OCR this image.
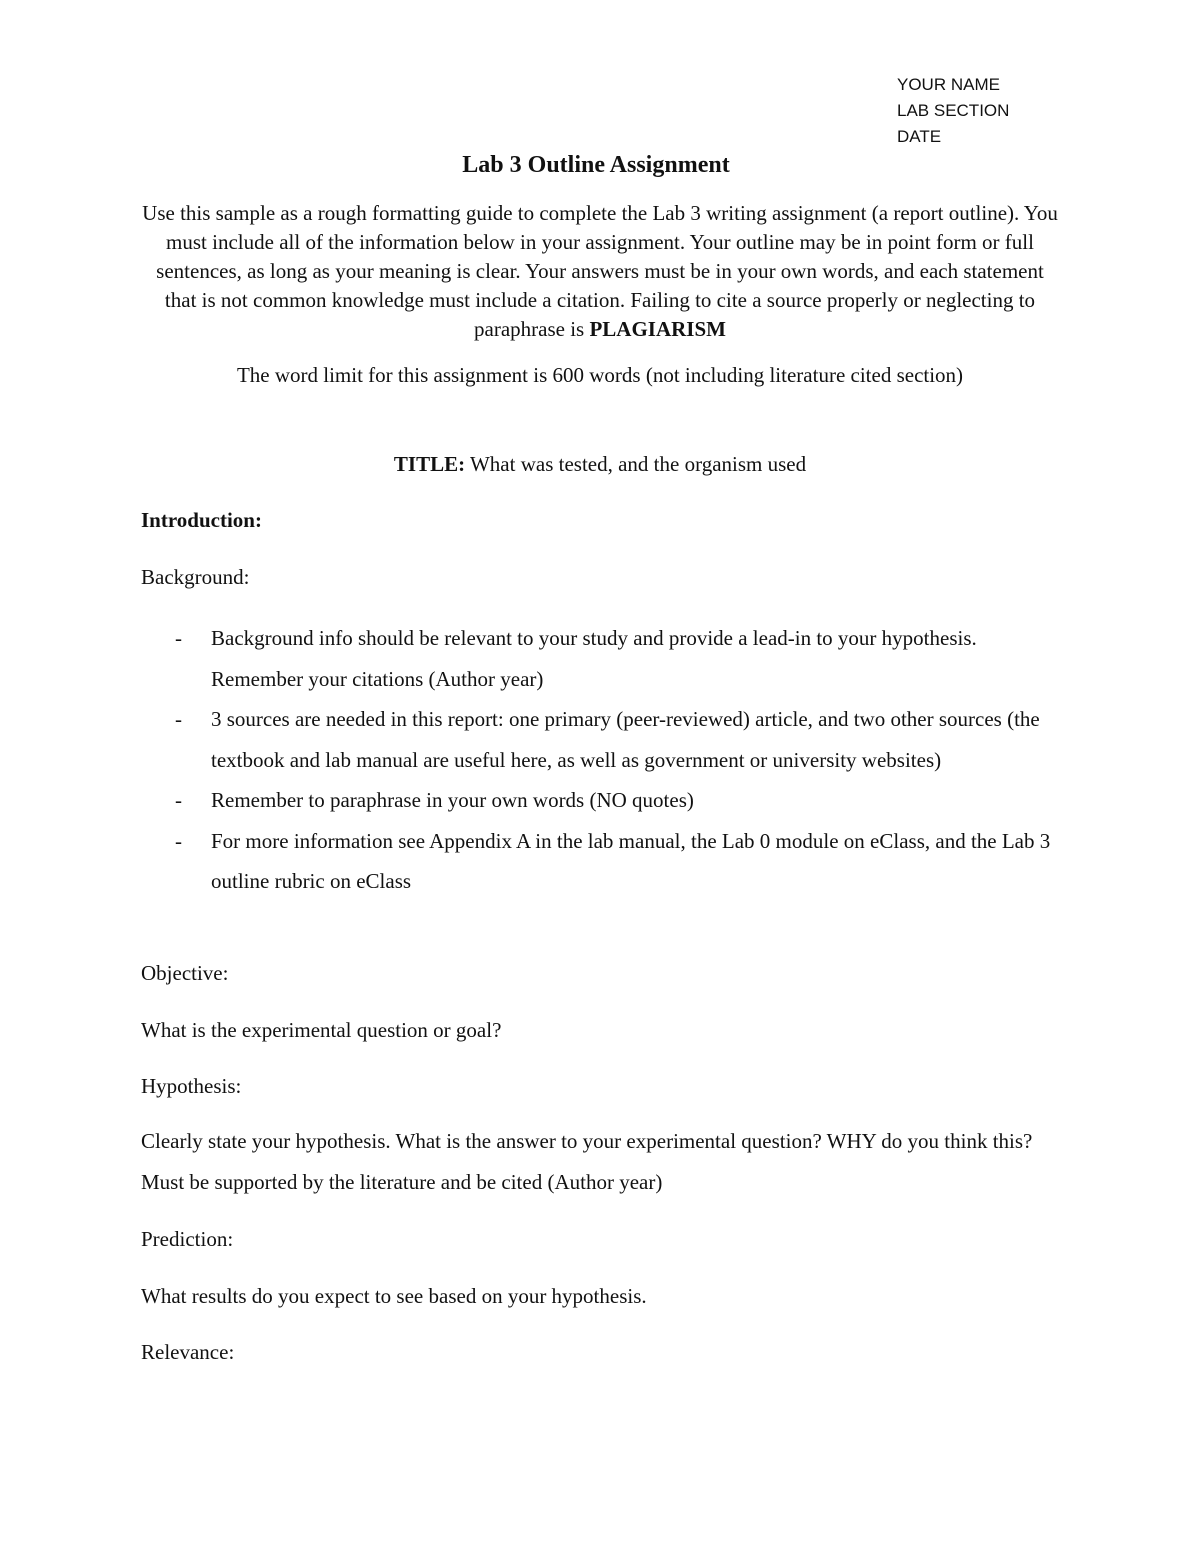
YOUR NAME
LAB SECTION
DATE
Lab 3 Outline Assignment

Use this sample as a rough formatting guide to complete the Lab 3 writing assignment (a report outline). You must include all of the information below in your assignment. Your outline may be in point form or full sentences, as long as your meaning is clear. Your answers must be in your own words, and each statement that is not common knowledge must include a citation. Failing to cite a source properly or neglecting to paraphrase is PLAGIARISM

The word limit for this assignment is 600 words (not including literature cited section)

TITLE: What was tested, and the organism used

Introduction:

Background:

- Background info should be relevant to your study and provide a lead-in to your hypothesis. Remember your citations (Author year)
- 3 sources are needed in this report: one primary (peer-reviewed) article, and two other sources (the textbook and lab manual are useful here, as well as government or university websites)
- Remember to paraphrase in your own words (NO quotes)
- For more information see Appendix A in the lab manual, the Lab 0 module on eClass, and the Lab 3 outline rubric on eClass

Objective:

What is the experimental question or goal?

Hypothesis:

Clearly state your hypothesis. What is the answer to your experimental question? WHY do you think this? Must be supported by the literature and be cited (Author year)

Prediction:

What results do you expect to see based on your hypothesis.

Relevance:
